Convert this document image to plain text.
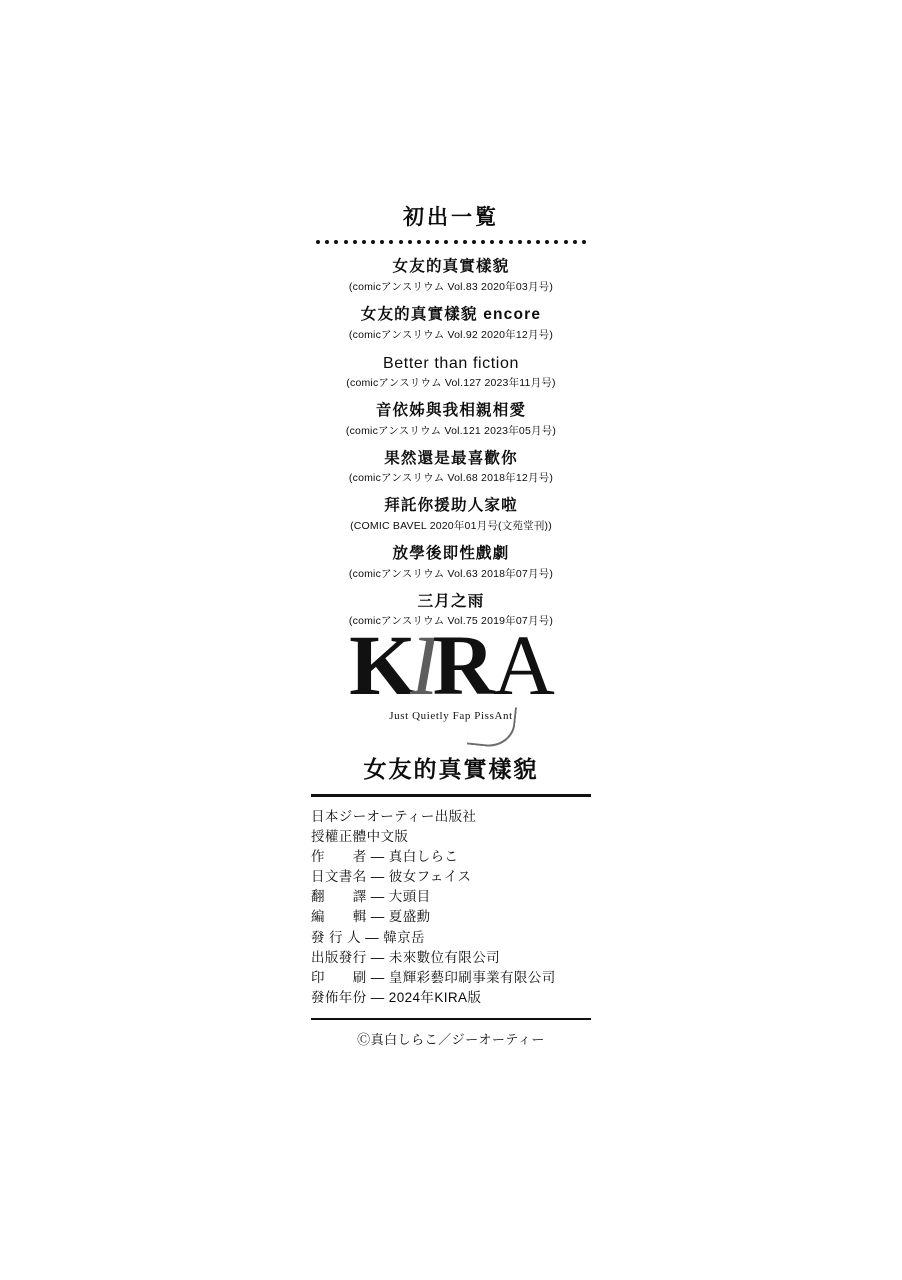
初出一覧
女友的真實樣貌
(comicアンスリウム Vol.83 2020年03月号)
女友的真實樣貌 encore
(comicアンスリウム Vol.92 2020年12月号)
Better than fiction
(comicアンスリウム Vol.127 2023年11月号)
音依姊與我相親相愛
(comicアンスリウム Vol.121 2023年05月号)
果然還是最喜歡你
(comicアンスリウム Vol.68 2018年12月号)
拜託你援助人家啦
(COMIC BAVEL 2020年01月号(文苑堂刊))
放學後即性戲劇
(comicアンスリウム Vol.63 2018年07月号)
三月之雨
(comicアンスリウム Vol.75 2019年07月号)
KIRA
Just Quietly Fap PissAnt
女友的真實樣貌
日本ジーオーティー出版社
授權正體中文版
作　　者 — 真白しらこ
日文書名 — 彼女フェイス
翻　　譯 — 大頭目
編　　輯 — 夏盛勳
發 行 人 — 韓京岳
出版發行 — 未來數位有限公司
印　　刷 — 皇輝彩藝印刷事業有限公司
發佈年份 — 2024年KIRA版
Ⓒ真白しらこ／ジーオーティー
